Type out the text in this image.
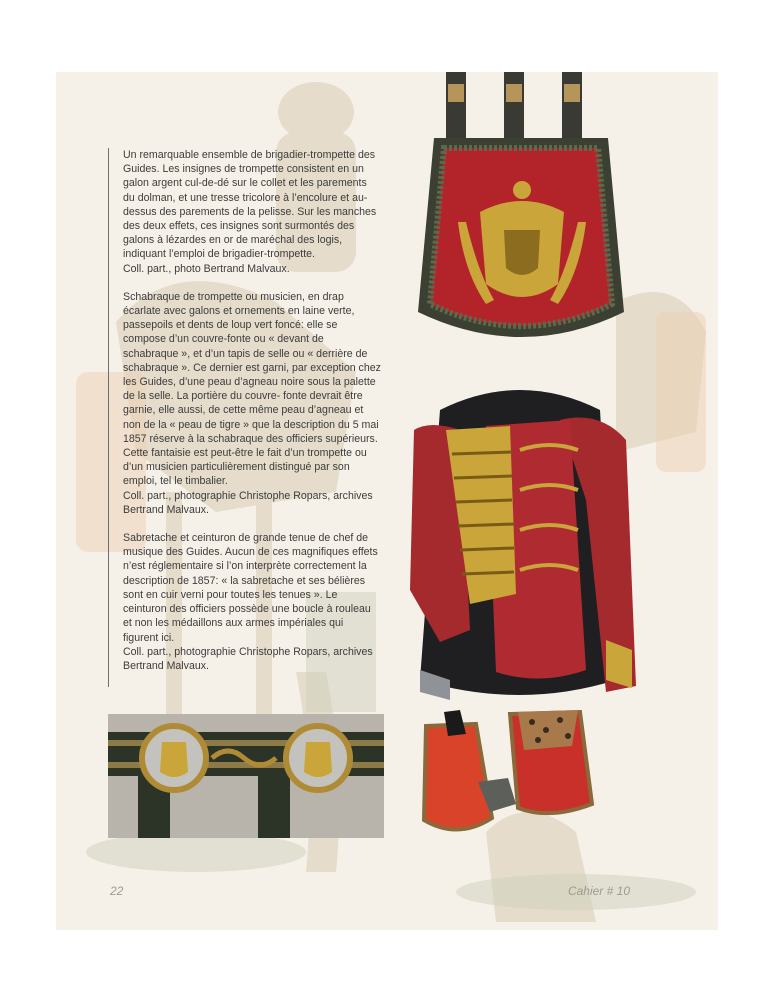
Un remarquable ensemble de brigadier-trompette des Guides. Les insignes de trompette consistent en un galon argent cul-de-dé sur le collet et les parements du dolman, et une tresse tricolore à l’encolure et au-dessus des parements de la pelisse. Sur les manches des deux effets, ces insignes sont surmontés des galons à lézardes en or de maréchal des logis, indiquant l’emploi de brigadier-trompette.
Coll. part., photo Bertrand Malvaux.

Schabraque de trompette ou musicien, en drap écarlate avec galons et ornements en laine verte, passepoils et dents de loup vert foncé: elle se compose d’un couvre-fonte ou « devant de schabraque », et d’un tapis de selle ou « derrière de schabraque ». Ce dernier est garni, par exception chez les Guides, d’une peau d’agneau noire sous la palette de la selle. La portière du couvre- fonte devrait être garnie, elle aussi, de cette même peau d’agneau et non de la « peau de tigre » que la description du 5 mai 1857 réserve à la schabraque des officiers supérieurs. Cette fantaisie est peut-être le fait d’un trompette ou d’un musicien particulièrement distingué par son emploi, tel le timbalier.
Coll. part., photographie Christophe Ropars, archives Bertrand Malvaux.

Sabretache et ceinturon de grande tenue de chef de musique des Guides. Aucun de ces magnifiques effets n’est réglementaire si l’on interprète correctement la description de 1857: « la sabretache et ses bélières sont en cuir verni pour toutes les tenues ». Le ceinturon des officiers possède une boucle à rouleau et non les médaillons aux armes impériales qui figurent ici.
Coll. part., photographie Christophe Ropars, archives Bertrand Malvaux.

22	Cahier # 10
